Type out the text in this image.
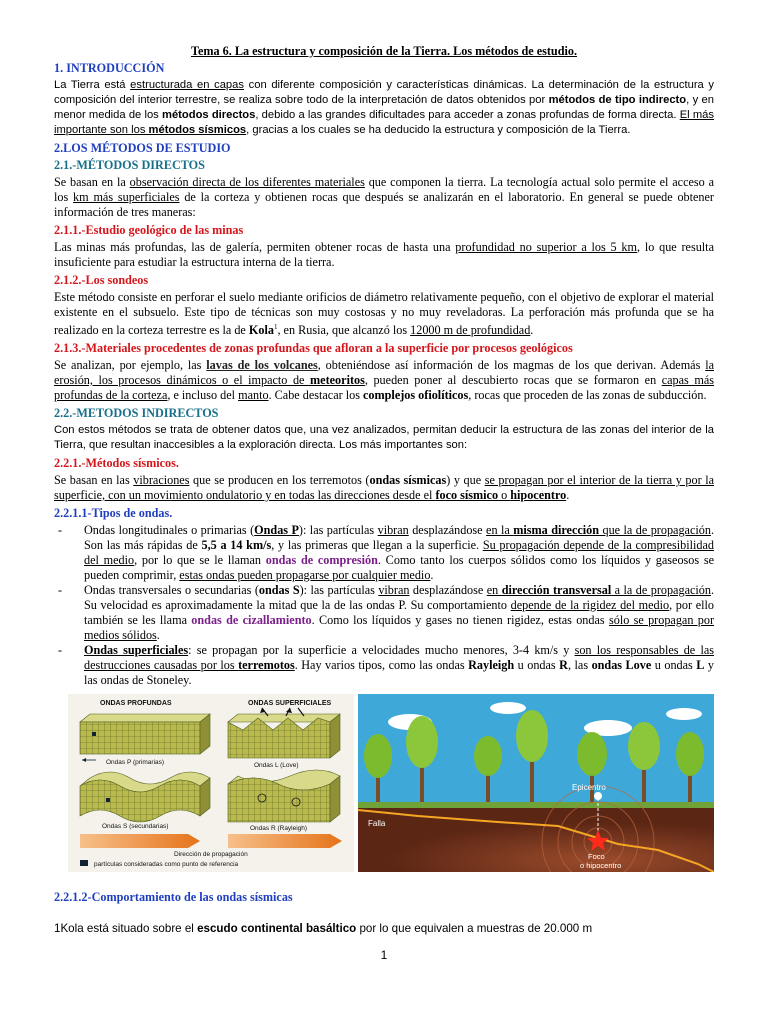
Tema 6. La estructura y composición de la Tierra. Los métodos de estudio.
1. INTRODUCCIÓN

La Tierra está estructurada en capas con diferente composición y características dinámicas. La determinación de la estructura y composición del interior terrestre, se realiza sobre todo de la interpretación de datos obtenidos por métodos de tipo indirecto, y en menor medida de los métodos directos, debido a las grandes dificultades para acceder a zonas profundas de forma directa. El más importante son los métodos sísmicos, gracias a los cuales se ha deducido la estructura y composición de la Tierra.

2.LOS MÉTODOS DE ESTUDIO
2.1.-MÉTODOS DIRECTOS

Se basan en la observación directa de los diferentes materiales que componen la tierra. La tecnología actual solo permite el acceso a los km más superficiales de la corteza y obtienen rocas que después se analizarán en el laboratorio. En general se puede obtener información de tres maneras:

2.1.1.-Estudio geológico de las minas

Las minas más profundas, las de galería, permiten obtener rocas de hasta una profundidad no superior a los 5 km, lo que resulta insuficiente para estudiar la estructura interna de la tierra.

2.1.2.-Los sondeos

Este método consiste en perforar el suelo mediante orificios de diámetro relativamente pequeño, con el objetivo de explorar el material existente en el subsuelo. Este tipo de técnicas son muy costosas y no muy reveladoras. La perforación más profunda que se ha realizado en la corteza terrestre es la de Kola$^1$, en Rusia, que alcanzó los 12000 m de profundidad.

2.1.3.-Materiales procedentes de zonas profundas que afloran a la superficie por procesos geológicos

Se analizan, por ejemplo, las lavas de los volcanes, obteniéndose así información de los magmas de los que derivan. Además la erosión, los procesos dinámicos o el impacto de meteoritos, pueden poner al descubierto rocas que se formaron en capas más profundas de la corteza, e incluso del manto. Cabe destacar los complejos ofiolíticos, rocas que proceden de las zonas de subducción.

2.2.-METODOS INDIRECTOS

Con estos métodos se trata de obtener datos que, una vez analizados, permitan deducir la estructura de las zonas del interior de la Tierra, que resultan inaccesibles a la exploración directa. Los más importantes son:

2.2.1.-Métodos sísmicos.

Se basan en las vibraciones que se producen en los terremotos (ondas sísmicas) y que se propagan por el interior de la tierra y por la superficie, con un movimiento ondulatorio y en todas las direcciones desde el foco sísmico o hipocentro.

2.2.1.1-Tipos de ondas.
- Ondas longitudinales o primarias (Ondas P): las partículas vibran desplazándose en la misma dirección que la de propagación. Son las más rápidas de 5,5 a 14 km/s, y las primeras que llegan a la superficie. Su propagación depende de la compresibilidad del medio, por lo que se le llaman ondas de compresión. Como tanto los cuerpos sólidos como los líquidos y gaseosos se pueden comprimir, estas ondas pueden propagarse por cualquier medio.
- Ondas transversales o secundarias (ondas S): las partículas vibran desplazándose en dirección transversal a la de propagación. Su velocidad es aproximadamente la mitad que la de las ondas P. Su comportamiento depende de la rigidez del medio, por ello también se les llama ondas de cizallamiento. Como los líquidos y gases no tienen rigidez, estas ondas sólo se propagan por medios sólidos.
- Ondas superficiales: se propagan por la superficie a velocidades mucho menores, 3-4 km/s y son los responsables de las destrucciones causadas por los terremotos. Hay varios tipos, como las ondas Rayleigh u ondas R, las ondas Love u ondas L y las ondas de Stoneley.
ONDAS PROFUNDAS	ONDAS SUPERFICIALES
Ondas P (primarias)
Ondas S (secundarias)
Ondas L (Love)
Ondas R (Rayleigh)
Dirección de propagación
partículas consideradas como punto de referencia
Epicentro
Falla
Foco
o hipocentro
2.2.1.2-Comportamiento de las ondas sísmicas

1Kola está situado sobre el escudo continental basáltico por lo que equivalen a muestras de 20.000 m

1
